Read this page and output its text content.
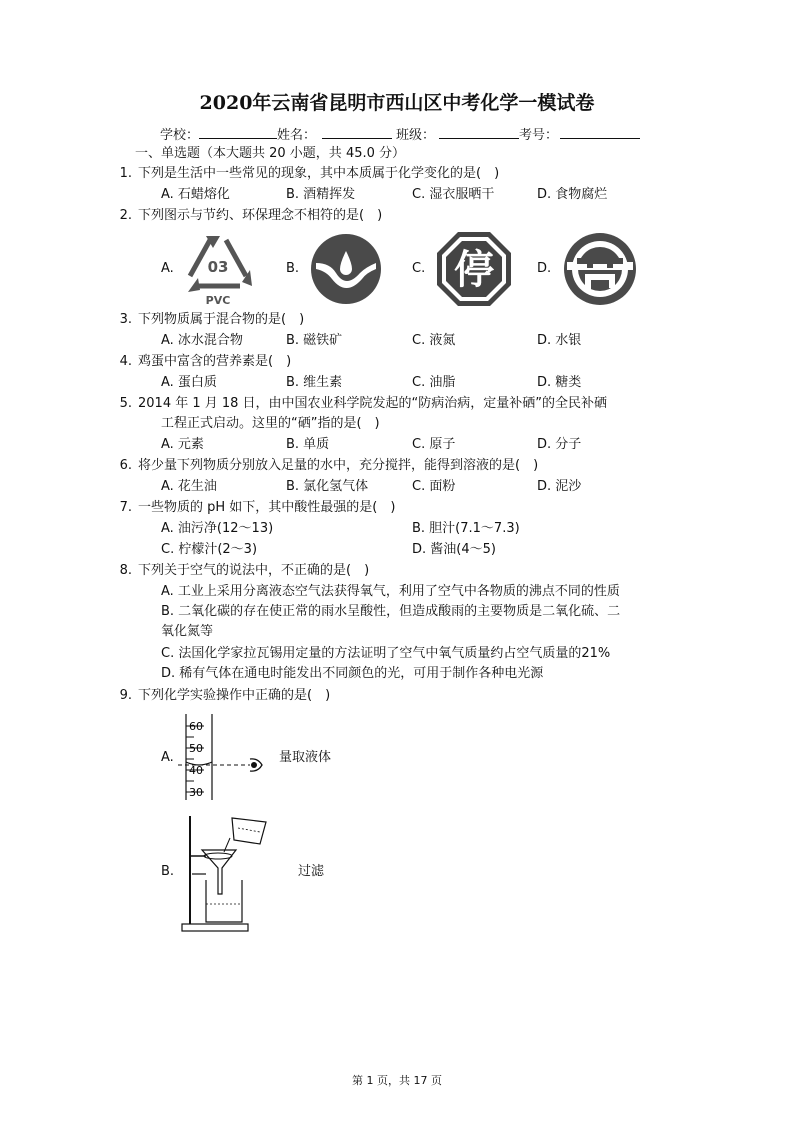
2020年云南省昆明市西山区中考化学一模试卷
学校：	姓名：	班级：	考号：
一、单选题（本大题共 20 小题，共 45.0 分）
1. 下列是生活中一些常见的现象，其中本质属于化学变化的是(　)
A. 石蜡熔化	B. 酒精挥发	C. 湿衣服晒干	D. 食物腐烂
2. 下列图示与节约、环保理念不相符的是(　)
A.	B.	C.	D.
03
PVC
停
3. 下列物质属于混合物的是(　)
A. 冰水混合物	B. 磁铁矿	C. 液氮	D. 水银
4. 鸡蛋中富含的营养素是(　)
A. 蛋白质	B. 维生素	C. 油脂	D. 糖类
5. 2014 年 1 月 18 日，由中国农业科学院发起的“防病治病，定量补硒”的全民补硒
工程正式启动。这里的“硒”指的是(　)
A. 元素	B. 单质	C. 原子	D. 分子
6. 将少量下列物质分别放入足量的水中，充分搅拌，能得到溶液的是(　)
A. 花生油	B. 氯化氢气体	C. 面粉	D. 泥沙
7. 一些物质的 pH 如下，其中酸性最强的是(　)
A. 油污净(12～13)	B. 胆汁(7.1～7.3)
C. 柠檬汁(2～3)	D. 酱油(4～5)
8. 下列关于空气的说法中，不正确的是(　)
A. 工业上采用分离液态空气法获得氧气，利用了空气中各物质的沸点不同的性质
B. 二氧化碳的存在使正常的雨水呈酸性，但造成酸雨的主要物质是二氧化硫、二
氧化氮等
C. 法国化学家拉瓦锡用定量的方法证明了空气中氧气质量约占空气质量的21%
D. 稀有气体在通电时能发出不同颜色的光，可用于制作各种电光源
9. 下列化学实验操作中正确的是(　)
A.	量取液体
B.	过滤
60
50
40
30
第 1 页，共 17 页
